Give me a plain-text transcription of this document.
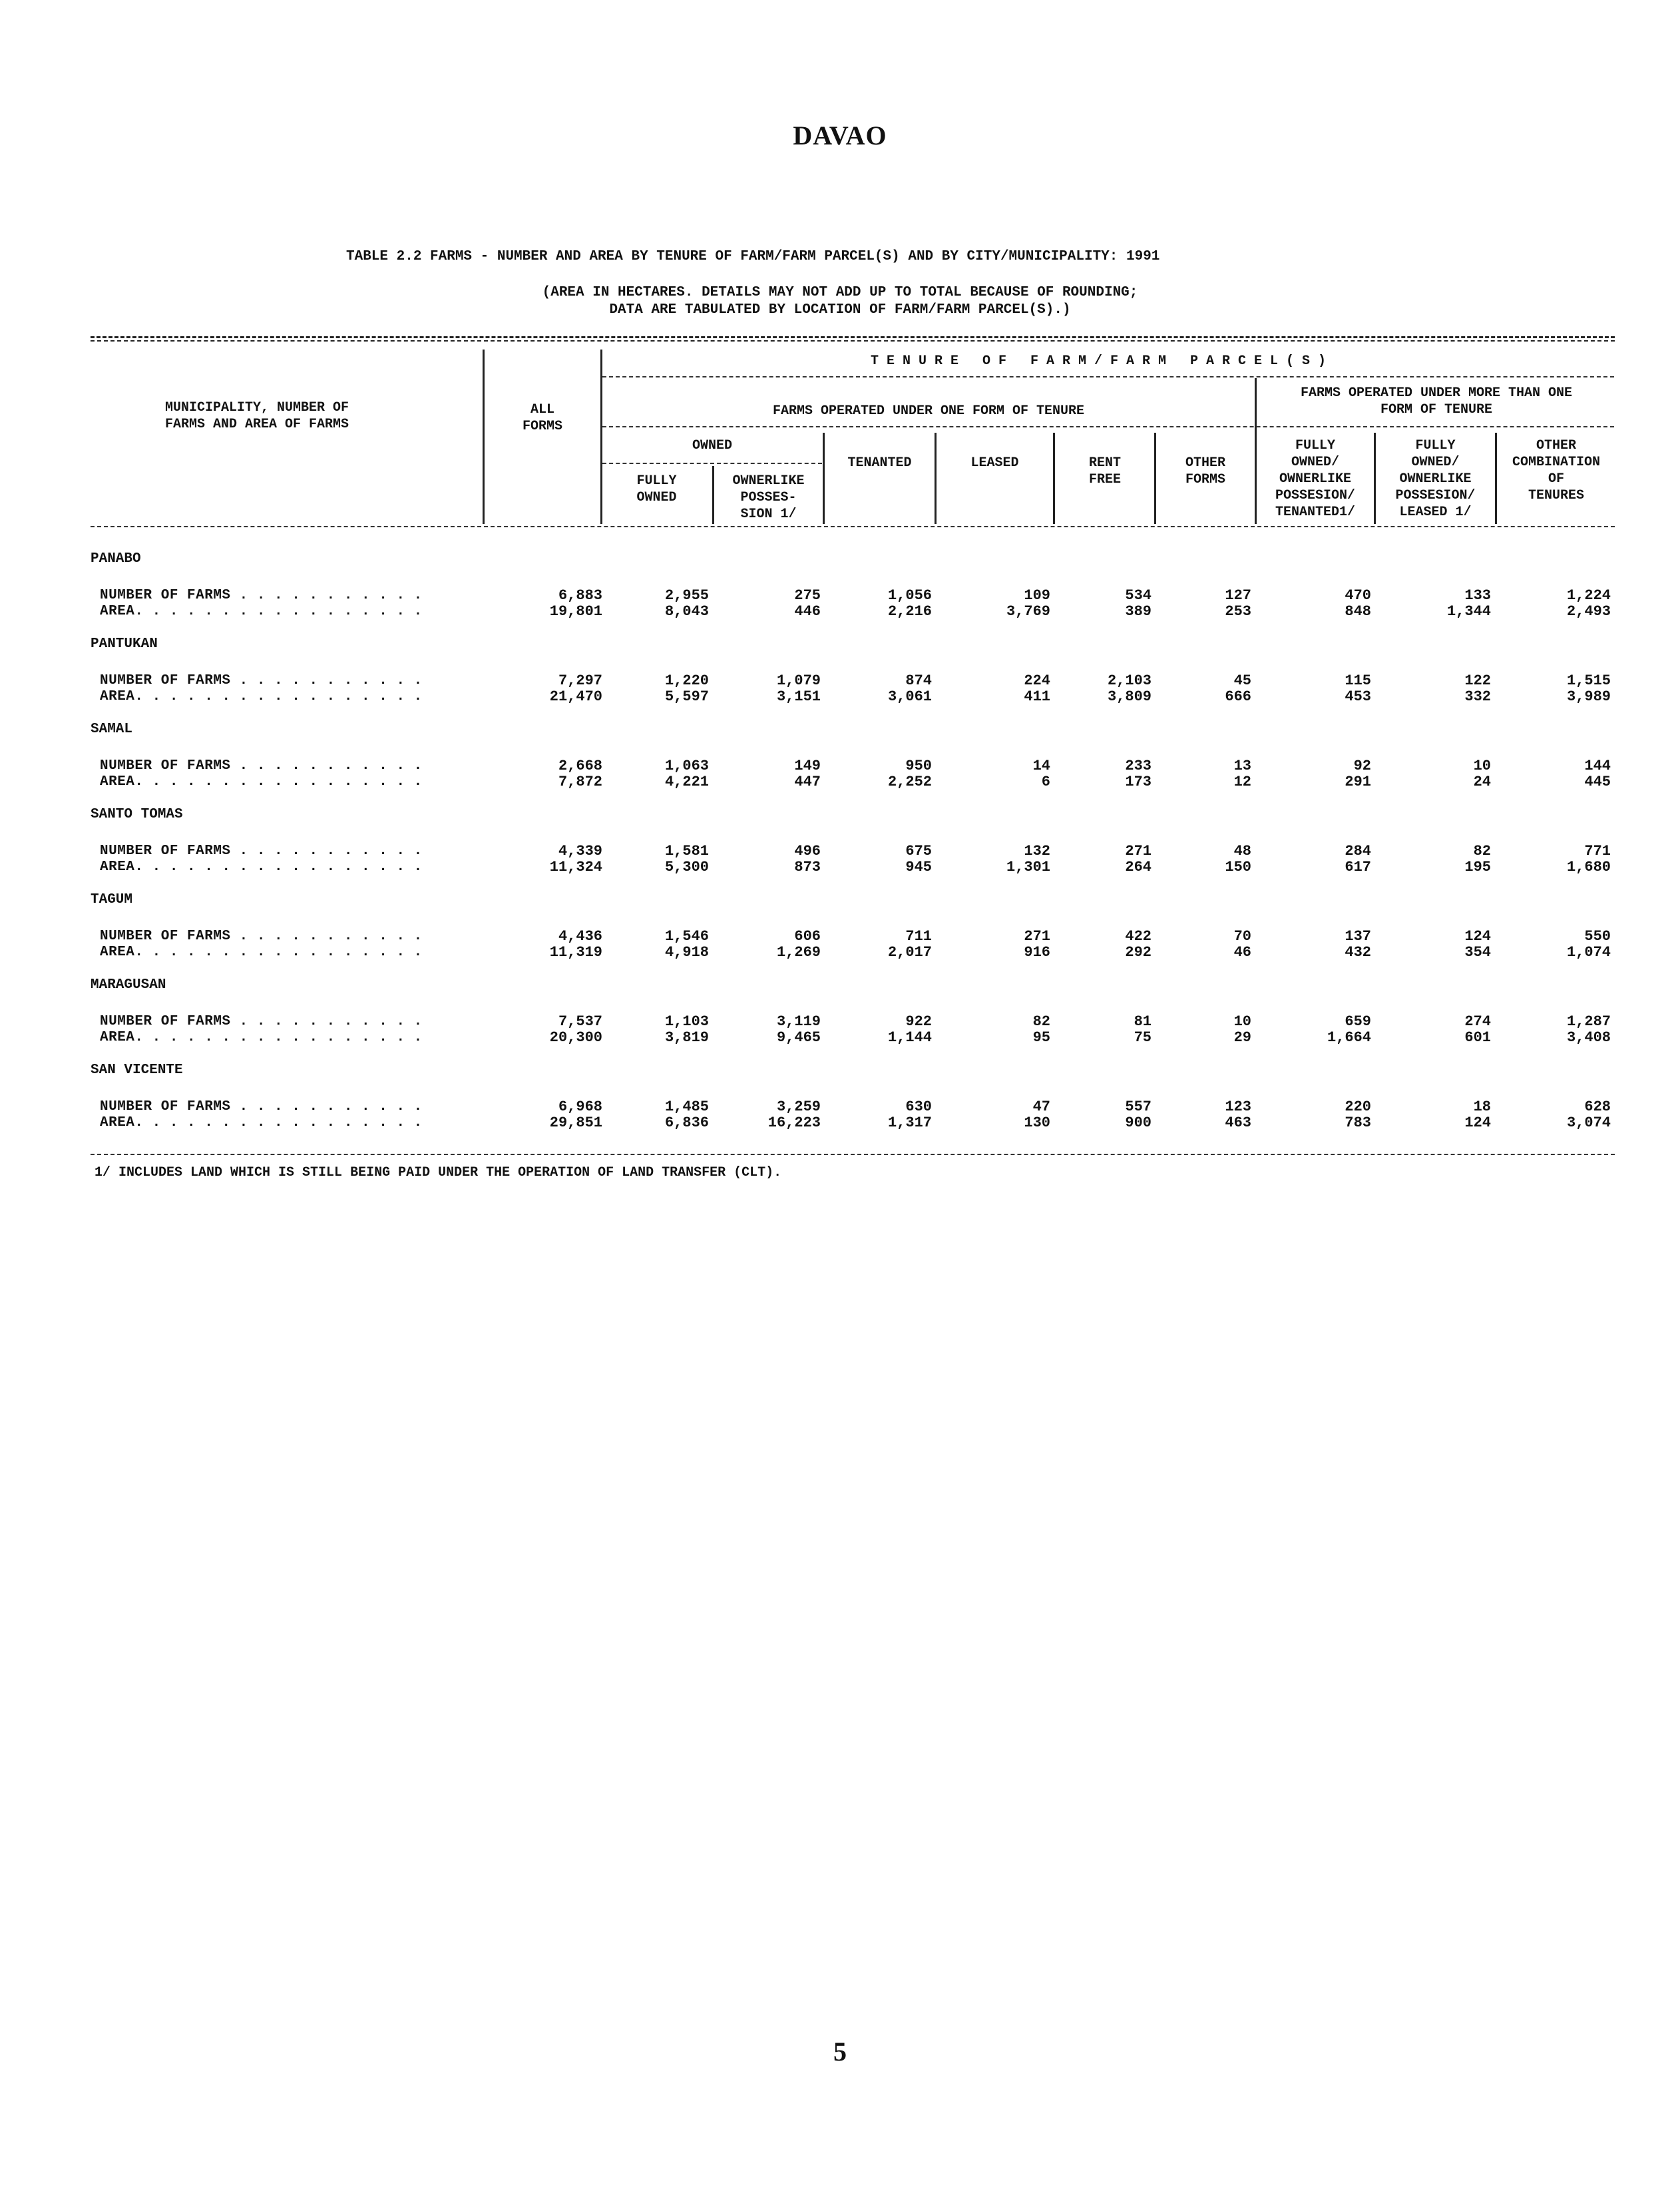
DAVAO
TABLE 2.2 FARMS - NUMBER AND AREA BY TENURE OF FARM/FARM PARCEL(S) AND BY CITY/MUNICIPALITY: 1991
(AREA IN HECTARES. DETAILS MAY NOT ADD UP TO TOTAL BECAUSE OF ROUNDING;
DATA ARE TABULATED BY LOCATION OF FARM/FARM PARCEL(S).)
MUNICIPALITY, NUMBER OF
FARMS AND AREA OF FARMS
ALL
FORMS
T E N U R E   O F   F A R M / F A R M   P A R C E L ( S )
FARMS OPERATED UNDER ONE FORM OF TENURE
FARMS OPERATED UNDER MORE THAN ONE
FORM OF TENURE
OWNED
FULLY
OWNED
OWNERLIKE
POSSES-
SION 1/
TENANTED	LEASED	RENT
FREE
OTHER
FORMS
FULLY
OWNED/
OWNERLIKE
POSSESION/
TENANTED1/
FULLY
OWNED/
OWNERLIKE
POSSESION/
LEASED 1/
OTHER
COMBINATION
OF
TENURES
PANABO
NUMBER OF FARMS . . . . . . . . . . .	6,883	2,955	275	1,056	109	534	127	470	133	1,224
AREA. . . . . . . . . . . . . . . . .	19,801	8,043	446	2,216	3,769	389	253	848	1,344	2,493
PANTUKAN
NUMBER OF FARMS . . . . . . . . . . .	7,297	1,220	1,079	874	224	2,103	45	115	122	1,515
AREA. . . . . . . . . . . . . . . . .	21,470	5,597	3,151	3,061	411	3,809	666	453	332	3,989
SAMAL
NUMBER OF FARMS . . . . . . . . . . .	2,668	1,063	149	950	14	233	13	92	10	144
AREA. . . . . . . . . . . . . . . . .	7,872	4,221	447	2,252	6	173	12	291	24	445
SANTO TOMAS
NUMBER OF FARMS . . . . . . . . . . .	4,339	1,581	496	675	132	271	48	284	82	771
AREA. . . . . . . . . . . . . . . . .	11,324	5,300	873	945	1,301	264	150	617	195	1,680
TAGUM
NUMBER OF FARMS . . . . . . . . . . .	4,436	1,546	606	711	271	422	70	137	124	550
AREA. . . . . . . . . . . . . . . . .	11,319	4,918	1,269	2,017	916	292	46	432	354	1,074
MARAGUSAN
NUMBER OF FARMS . . . . . . . . . . .	7,537	1,103	3,119	922	82	81	10	659	274	1,287
AREA. . . . . . . . . . . . . . . . .	20,300	3,819	9,465	1,144	95	75	29	1,664	601	3,408
SAN VICENTE
NUMBER OF FARMS . . . . . . . . . . .	6,968	1,485	3,259	630	47	557	123	220	18	628
AREA. . . . . . . . . . . . . . . . .	29,851	6,836	16,223	1,317	130	900	463	783	124	3,074
1/ INCLUDES LAND WHICH IS STILL BEING PAID UNDER THE OPERATION OF LAND TRANSFER (CLT).
5
